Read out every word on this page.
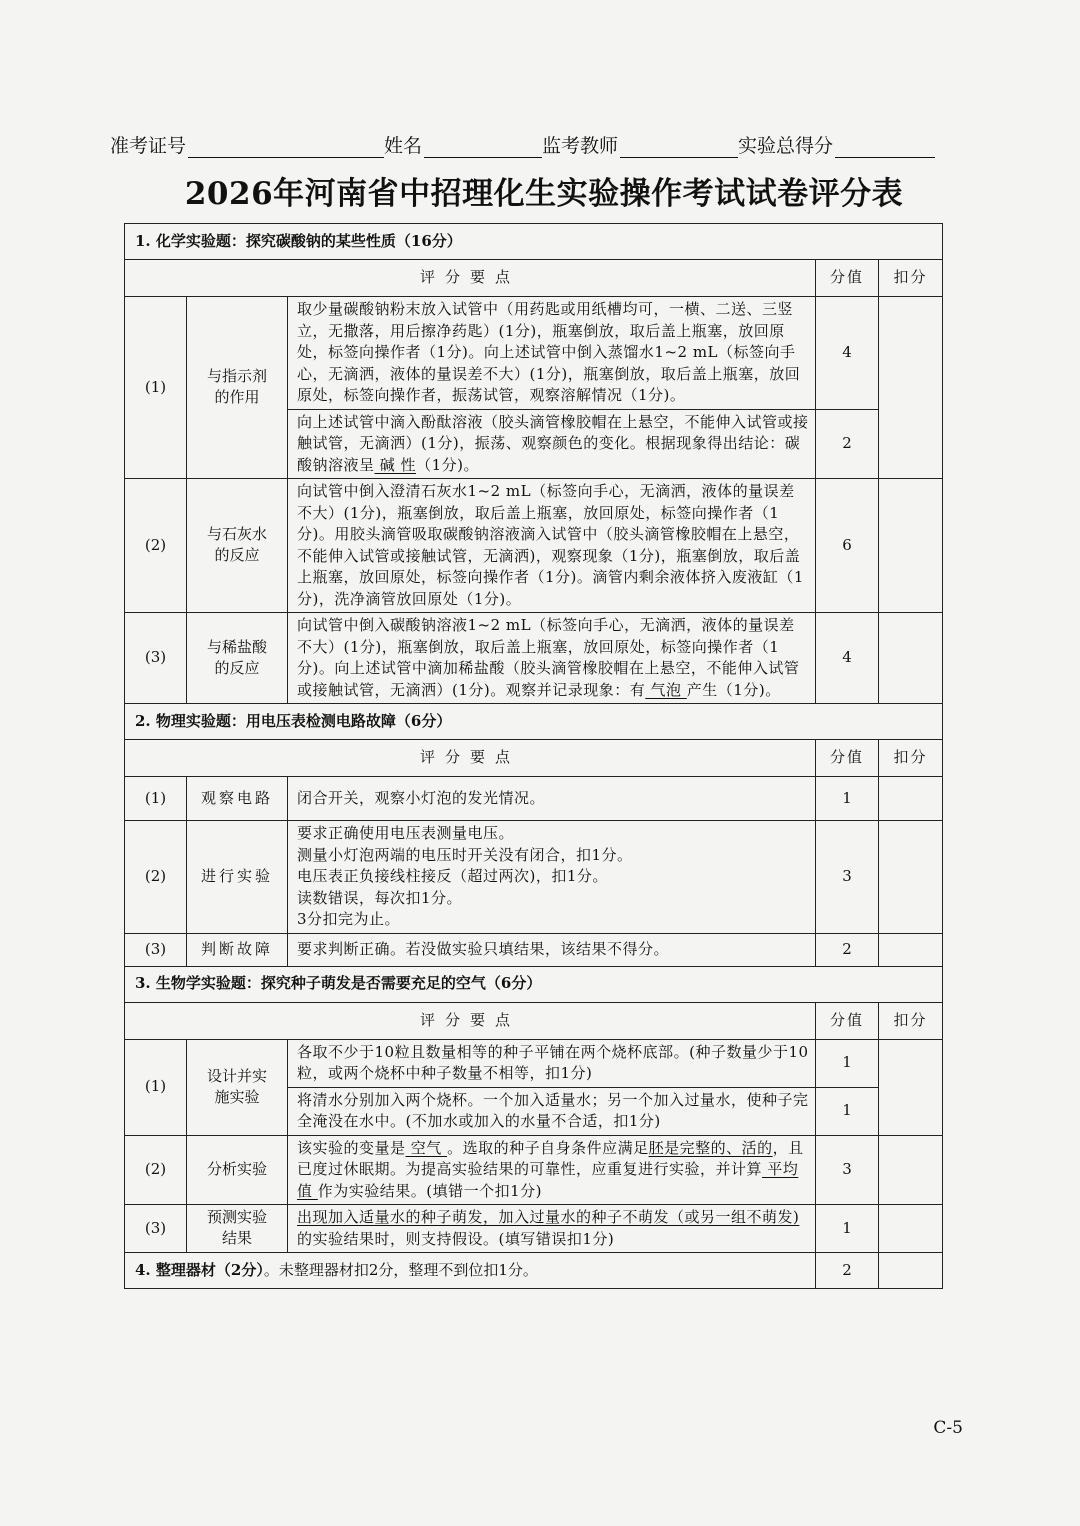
准考证号	姓名	监考教师	实验总得分
2026年河南省中招理化生实验操作考试试卷评分表
1. 化学实验题：探究碳酸钠的某些性质（16分）				
评分要点			分值	扣分
(1)	与指示剂的作用	取少量碳酸钠粉末放入试管中（用药匙或用纸槽均可，一横、二送、三竖立，无撒落，用后擦净药匙）(1分)，瓶塞倒放，取后盖上瓶塞，放回原处，标签向操作者（1分)。向上述试管中倒入蒸馏水1~2 mL（标签向手心，无滴洒，液体的量误差不大）(1分)，瓶塞倒放，取后盖上瓶塞，放回原处，标签向操作者，振荡试管，观察溶解情况（1分)。	4	
		向上述试管中滴入酚酞溶液（胶头滴管橡胶帽在上悬空，不能伸入试管或接触试管，无滴洒）(1分)，振荡、观察颜色的变化。根据现象得出结论：碳酸钠溶液呈 碱 性（1分)。	2	
(2)	与石灰水的反应	向试管中倒入澄清石灰水1~2 mL（标签向手心，无滴洒，液体的量误差不大）(1分)，瓶塞倒放，取后盖上瓶塞，放回原处，标签向操作者（1分)。用胶头滴管吸取碳酸钠溶液滴入试管中（胶头滴管橡胶帽在上悬空，不能伸入试管或接触试管，无滴洒)，观察现象（1分)，瓶塞倒放，取后盖上瓶塞，放回原处，标签向操作者（1分)。滴管内剩余液体挤入废液缸（1分)，洗净滴管放回原处（1分)。	6	
(3)	与稀盐酸的反应	向试管中倒入碳酸钠溶液1~2 mL（标签向手心，无滴洒，液体的量误差不大）(1分)，瓶塞倒放，取后盖上瓶塞，放回原处，标签向操作者（1分)。向上述试管中滴加稀盐酸（胶头滴管橡胶帽在上悬空，不能伸入试管或接触试管，无滴洒）(1分)。观察并记录现象：有 气泡 产生（1分)。	4	
2. 物理实验题：用电压表检测电路故障（6分）				
评分要点			分值	扣分
(1)	观察电路	闭合开关，观察小灯泡的发光情况。	1	
(2)	进行实验	要求正确使用电压表测量电压。
测量小灯泡两端的电压时开关没有闭合，扣1分。
电压表正负接线柱接反（超过两次)，扣1分。
读数错误，每次扣1分。
3分扣完为止。	3	
(3)	判断故障	要求判断正确。若没做实验只填结果，该结果不得分。	2	
3. 生物学实验题：探究种子萌发是否需要充足的空气（6分）				
评分要点			分值	扣分
(1)	设计并实施实验	各取不少于10粒且数量相等的种子平铺在两个烧杯底部。(种子数量少于10粒，或两个烧杯中种子数量不相等，扣1分)	1	
		将清水分别加入两个烧杯。一个加入适量水；另一个加入过量水，使种子完全淹没在水中。(不加水或加入的水量不合适，扣1分)	1	
(2)	分析实验	该实验的变量是 空气 。选取的种子自身条件应满足胚是完整的、活的，且已度过休眠期。为提高实验结果的可靠性，应重复进行实验，并计算 平均值 作为实验结果。(填错一个扣1分)	3	
(3)	预测实验结果	出现加入适量水的种子萌发，加入过量水的种子不萌发（或另一组不萌发)的实验结果时，则支持假设。(填写错误扣1分)	1	
4. 整理器材（2分）。未整理器材扣2分，整理不到位扣1分。			2	
C-5
